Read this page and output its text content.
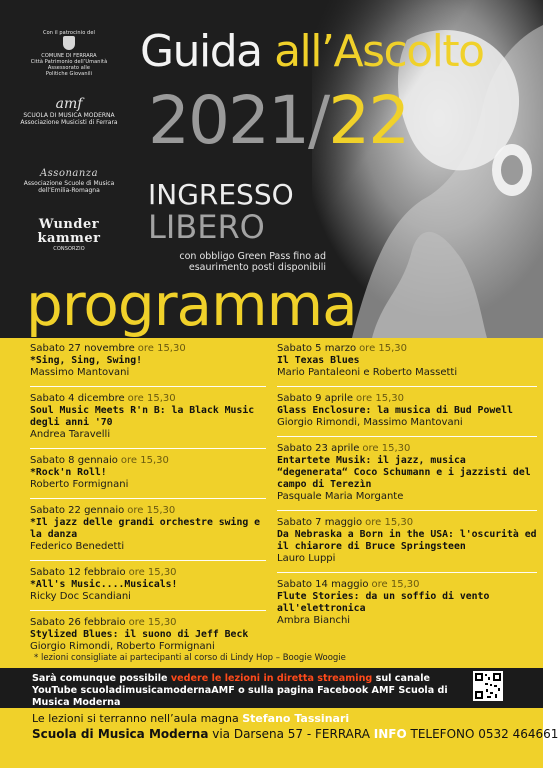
Con il patrocinio del
COMUNE DI FERRARA
Città Patrimonio dell’Umanità
Assessorato alle
Politiche Giovanili
amf
SCUOLA DI MUSICA MODERNA
Associazione Musicisti di Ferrara
Assonanza
Associazione Scuole di Musica
dell’Emilia-Romagna
Wunder
kammer
CONSORZIO
Guida all’Ascolto
2021/22
INGRESSO
LIBERO
con obbligo Green Pass fino ad esaurimento posti disponibili
programma
Sabato 27 novembre ore 15,30
*Sing, Sing, Swing!
Massimo Mantovani
Sabato 4 dicembre ore 15,30
Soul Music Meets R'n B: la Black Music degli anni '70
Andrea Taravelli
Sabato 8 gennaio ore 15,30
*Rock'n Roll!
Roberto Formignani
Sabato 22 gennaio ore 15,30
*Il jazz delle grandi orchestre swing e la danza
Federico Benedetti
Sabato 12 febbraio ore 15,30
*All's Music....Musicals!
Ricky Doc Scandiani
Sabato 26 febbraio ore 15,30
Stylized Blues: il suono di Jeff Beck
Giorgio Rimondi, Roberto Formignani
Sabato 5 marzo ore 15,30
Il Texas Blues
Mario Pantaleoni e Roberto Massetti
Sabato 9 aprile ore 15,30
Glass Enclosure: la musica di Bud Powell
Giorgio Rimondi, Massimo Mantovani
Sabato 23 aprile ore 15,30
Entartete Musik: il jazz, musica “degenerata“ Coco Schumann e i jazzisti del campo di Terezìn
Pasquale Maria Morgante
Sabato 7 maggio ore 15,30
Da Nebraska a Born in the USA: l'oscurità ed il chiarore di Bruce Springsteen
Lauro Luppi
Sabato 14 maggio ore 15,30
Flute Stories: da un soffio di vento all'elettronica
Ambra Bianchi
* lezioni consigliate ai partecipanti al corso di Lindy Hop – Boogie Woogie
Sarà comunque possibile vedere le lezioni in diretta streaming sul canale YouTube scuoladimusicamodernaAMF o sulla pagina Facebook AMF Scuola di Musica Moderna
Le lezioni si terranno nell’aula magna Stefano Tassinari
Scuola di Musica Moderna via Darsena 57 - FERRARA INFO TELEFONO 0532 464661
